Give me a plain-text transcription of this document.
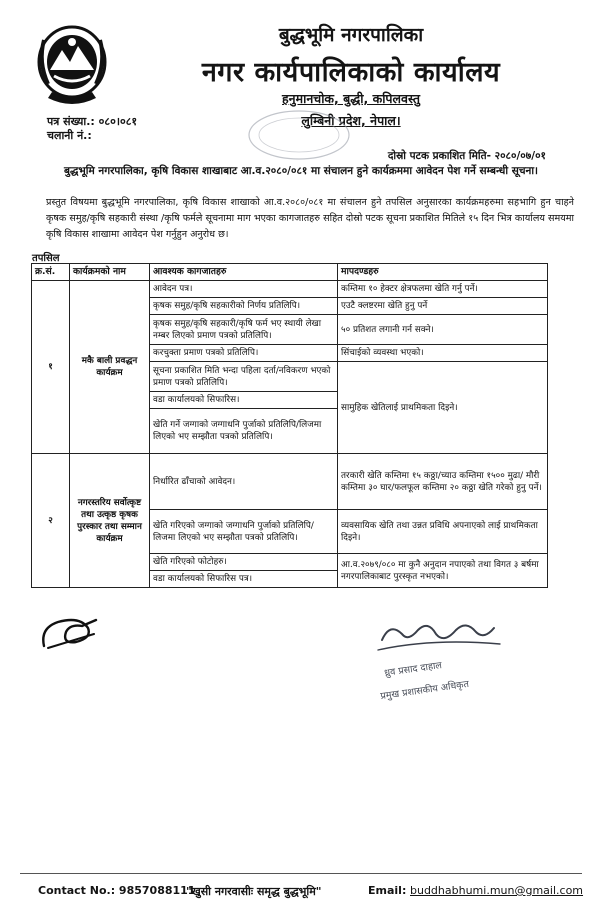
बुद्धभूमि नगरपालिका
नगर कार्यपालिकाको कार्यालय
हनुमानचोक, बुद्धी, कपिलवस्तु
लुम्बिनी प्रदेश, नेपाल।
पत्र संख्या.: ०८०।०८१
चलानी नं.:
दोस्रो पटक प्रकाशित मिति- २०८०/०७/०१
बुद्धभूमि नगरपालिका, कृषि विकास शाखाबाट आ.व.२०८०/०८१ मा संचालन हुने कार्यक्रममा आवेदन पेश गर्ने सम्बन्धी सूचना।
प्रस्तुत विषयमा बुद्धभूमि नगरपालिका, कृषि विकास शाखाको आ.व.२०८०/०८१ मा संचालन हुने तपसिल अनुसारका कार्यक्रमहरुमा सहभागि हुन चाहने कृषक समुह/कृषि सहकारी संस्था /कृषि फर्मले सूचनामा माग भएका कागजातहरु सहित दोस्रो पटक सूचना प्रकाशित मितिले १५ दिन भित्र कार्यालय समयमा कृषि विकास शाखामा आवेदन पेश गर्नुहुन अनुरोध छ।
तपसिल
क्र.सं.	कार्यक्रमको नाम	आवश्यक कागजातहरु	मापदण्डहरु
१	मकै बाली प्रवद्धन कार्यक्रम	आवेदन पत्र।	कम्तिमा १० हेक्टर क्षेत्रफलमा खेति गर्नु पर्ने।
		कृषक समुह/कृषि सहकारीको निर्णय प्रतिलिपि।	एउटै क्लष्टरमा खेति हुनु पर्ने
		कृषक समुह/कृषि सहकारी/कृषि फर्म भए स्थायी लेखा नम्बर लिएको प्रमाण पत्रको प्रतिलिपि।	५० प्रतिशत लगानी गर्न सक्ने।
		करचुक्ता प्रमाण पत्रको प्रतिलिपि।	सिंचाईको व्यवस्था भएको।
		सूचना प्रकाशित मिति भन्दा पहिला दर्ता/नविकरण भएको प्रमाण पत्रको प्रतिलिपि।	सामुहिक खेतिलाई प्राथमिकता दिइने।
		वडा कार्यालयको सिफारिस।	
		खेति गर्ने जग्गाको जग्गाधनि पुर्जाको प्रतिलिपि/लिजमा लिएको भए सम्झौता पत्रको प्रतिलिपि।	
२	नगरस्तरिय सर्वोत्कृष्ट तथा उत्कृष्ठ कृषक पुरस्कार तथा सम्मान कार्यक्रम	निर्धारित ढाँचाको आवेदन।	तरकारी खेति कम्तिमा १५ कठ्ठा/च्याउ कम्तिमा १५०० मुढा/ मौरी कम्तिमा ३० घार/फलफूल कम्तिमा २० कठ्ठा खेति गरेको हुनु पर्ने।
		खेति गरिएको जग्गाको जग्गाधनि पुर्जाको प्रतिलिपि/लिजमा लिएको भए सम्झौता पत्रको प्रतिलिपि।	व्यवसायिक खेति तथा उन्नत प्रविधि अपनाएको लाई प्राथमिकता दिइने।
		खेति गरिएको फोटोहरु।	आ.व.२०७९/०८० मा कुनै अनुदान नपाएको तथा विगत ३ बर्षमा नगरपालिकाबाट पुरस्कृत नभएको।
		वडा कार्यालयको सिफारिस पत्र।	
ध्रुव प्रसाद दाहाल
प्रमुख प्रशासकीय अधिकृत
Contact No.: 9857088111
"खुसी नगरवासीः समृद्ध बुद्धभूमि"	Email: buddhabhumi.mun@gmail.com
